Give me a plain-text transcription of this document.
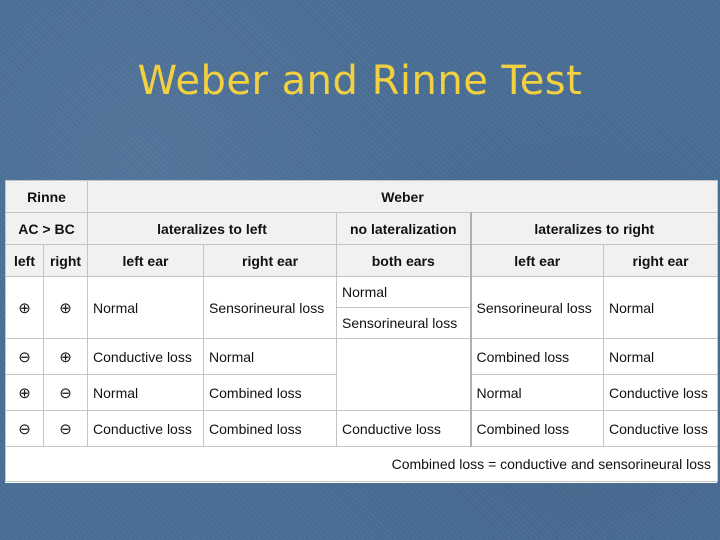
Weber and Rinne Test
Rinne		Weber				
AC > BC		lateralizes to left		no lateralization	lateralizes to right	
left	right	left ear	right ear	both ears	left ear	right ear
⊕	⊕	Normal	Sensorineural loss	Normal	Sensorineural loss	Normal
				Sensorineural loss		
⊖	⊕	Conductive loss	Normal		Combined loss	Normal
⊕	⊖	Normal	Combined loss		Normal	Conductive loss
⊖	⊖	Conductive loss	Combined loss	Conductive loss	Combined loss	Conductive loss
Combined loss = conductive and sensorineural loss						
